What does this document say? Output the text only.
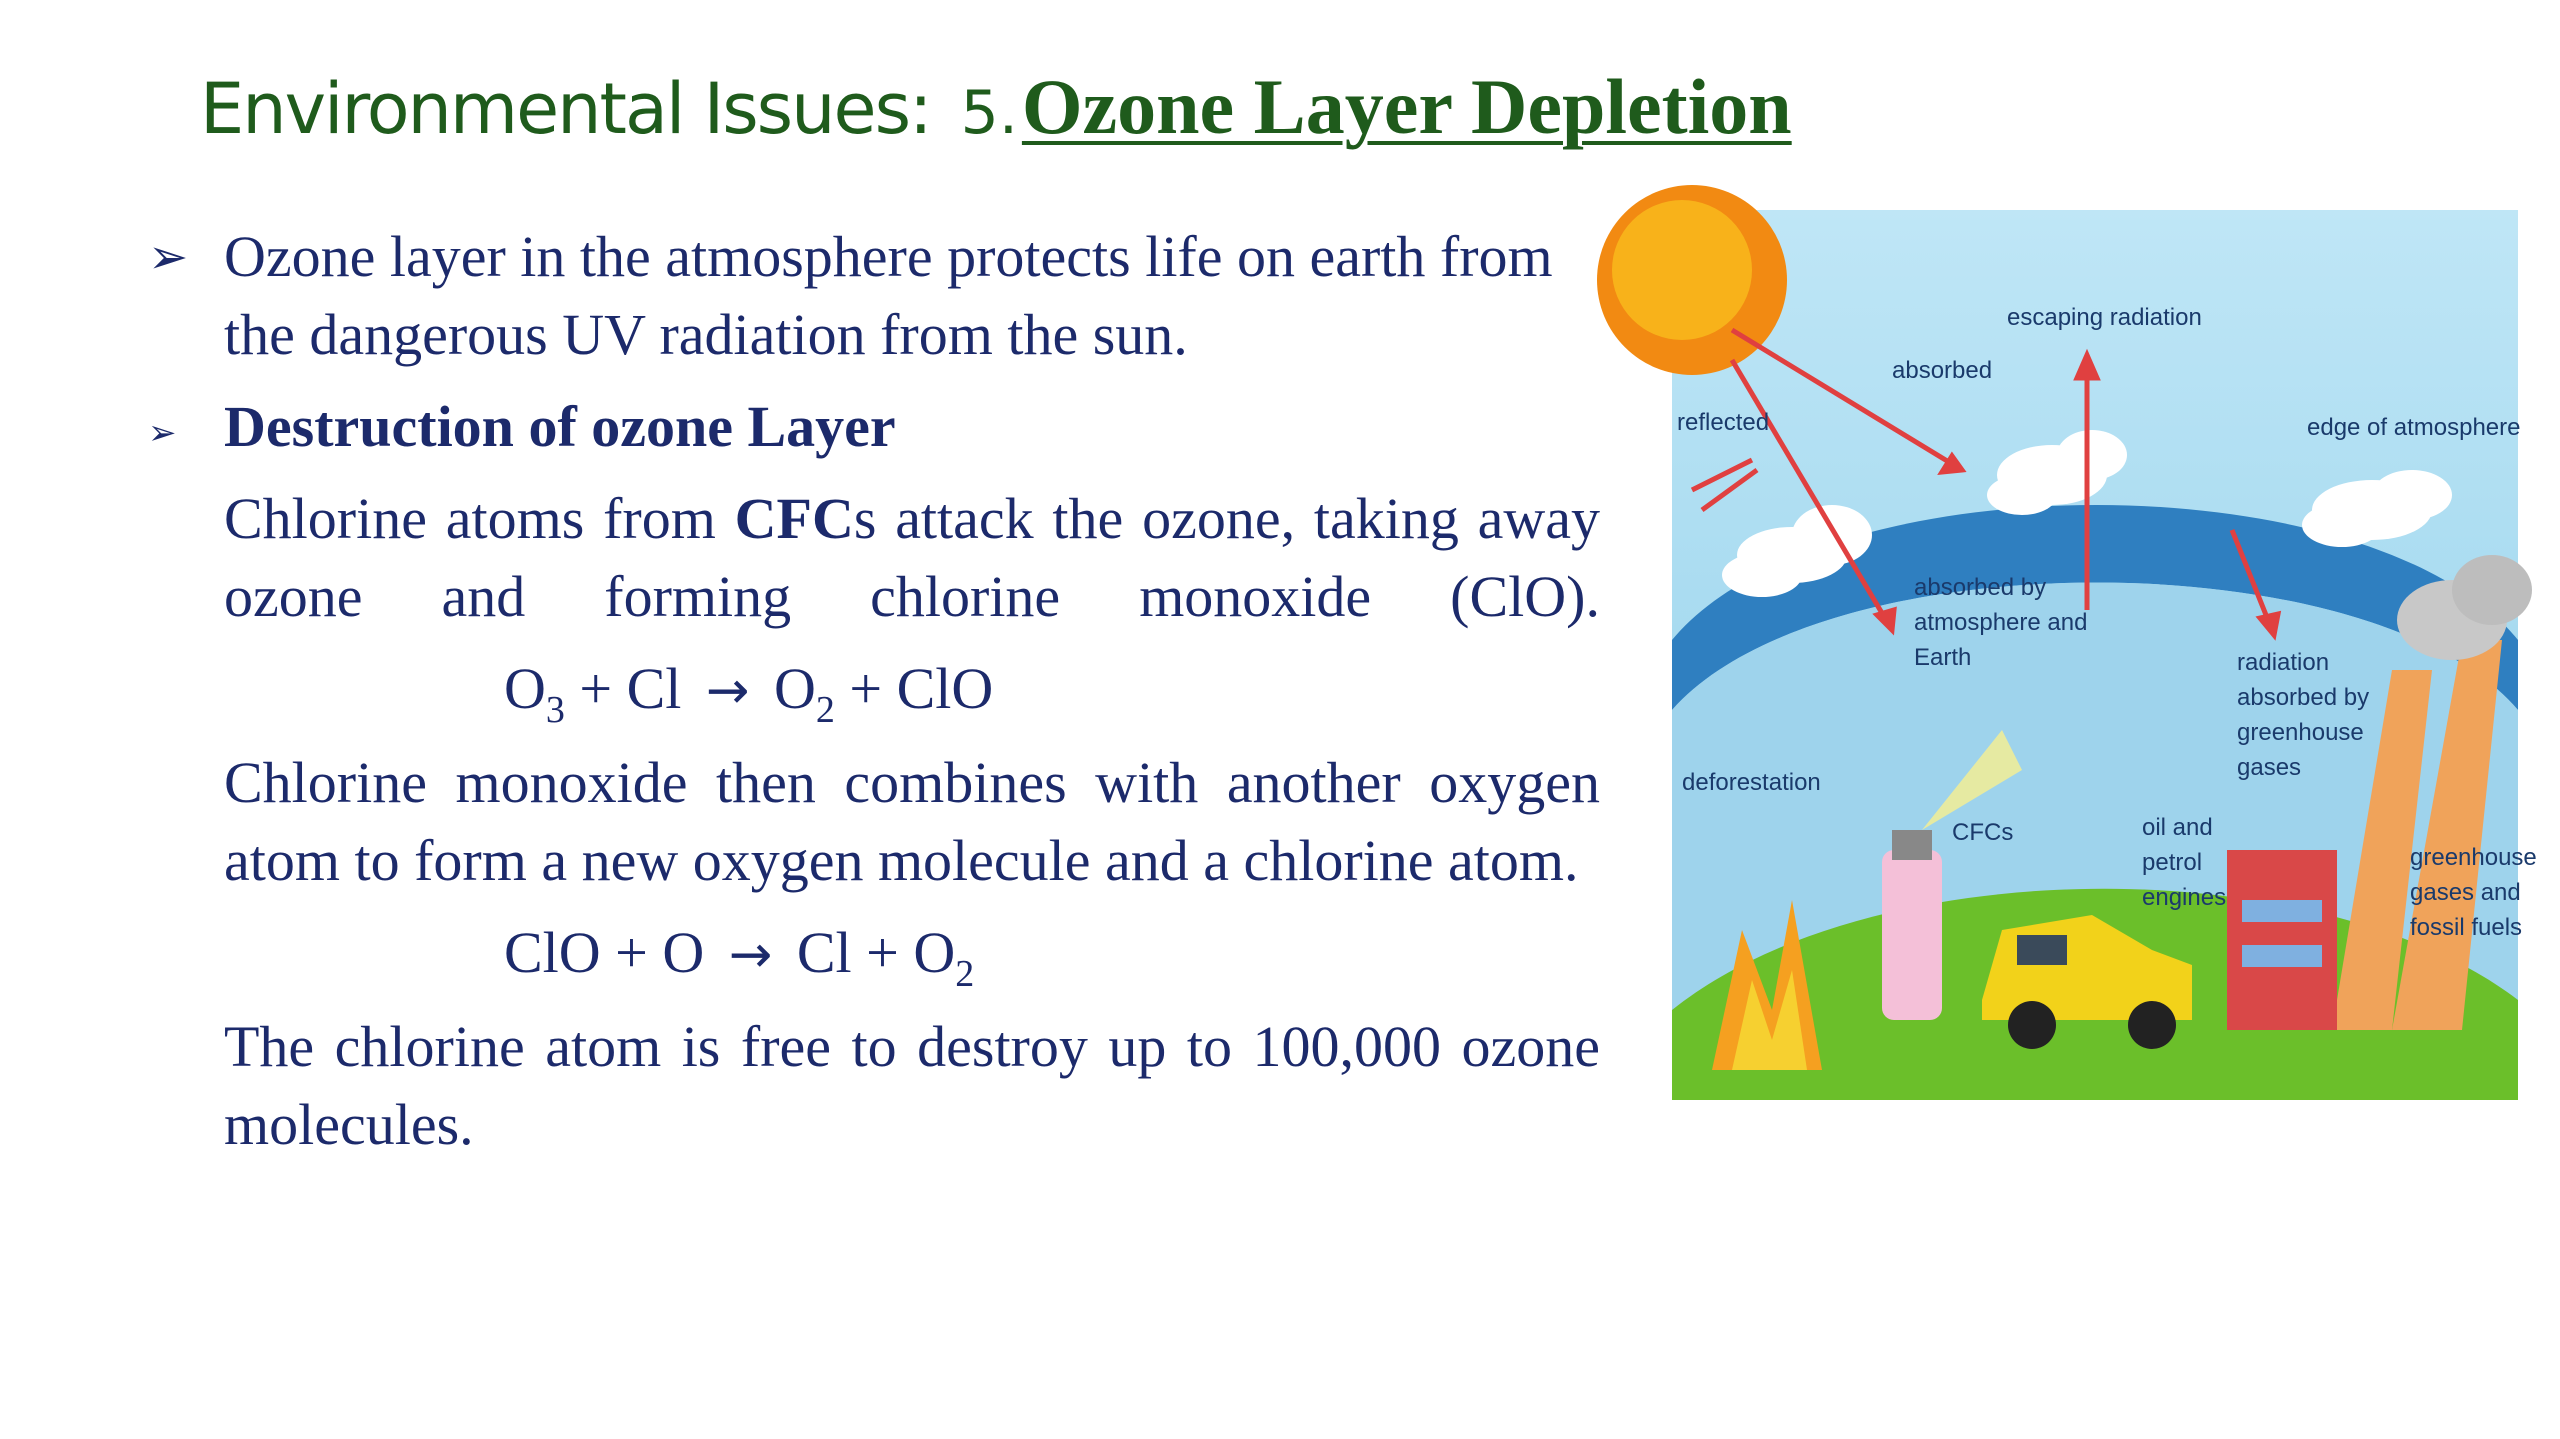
Environmental Issues: 5. Ozone Layer Depletion
➢ Ozone layer in the atmosphere protects life on earth from the dangerous UV radiation from the sun.
➢ Destruction of ozone Layer
Chlorine atoms from CFCs attack the ozone, taking away ozone and forming chlorine monoxide (ClO).
$O_3 + Cl \to O_2$ + ClO
Chlorine monoxide then combines with another oxygen atom to form a new oxygen molecule and a chlorine atom.
ClO + $O \to Cl + O_2$
The chlorine atom is free to destroy up to 100,000 ozone molecules.
escaping radiation
absorbed
reflected	edge of atmosphere
absorbed by
atmosphere and
Earth	radiation
absorbed by
greenhouse
gases
deforestation
CFCs	oil and
petrol
engines
greenhouse
gases and
fossil fuels
